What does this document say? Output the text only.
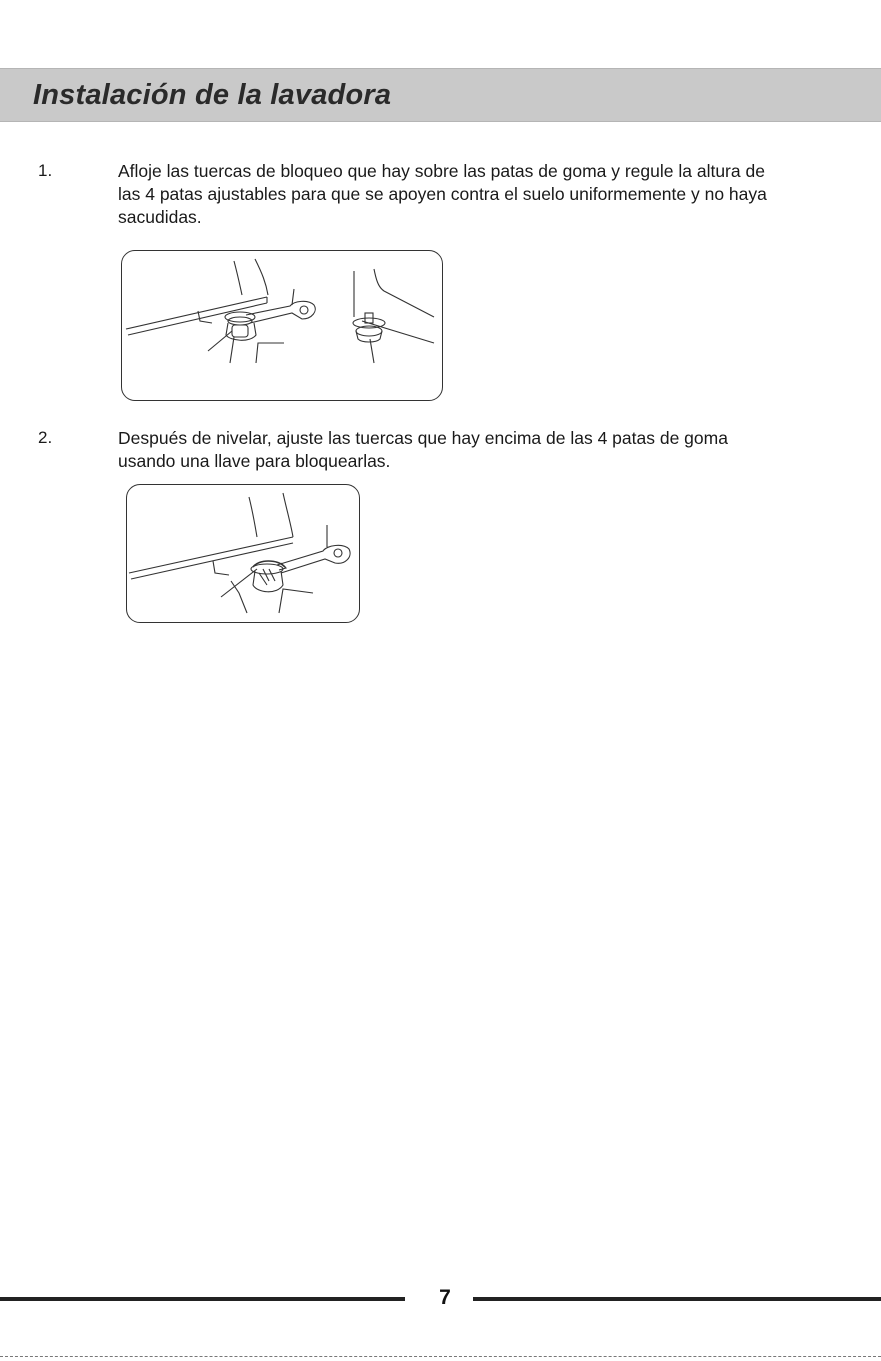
Instalación de la lavadora
1.	Afloje las tuercas de bloqueo que hay sobre las patas de goma y regule la altura de
las 4 patas ajustables para que se apoyen contra el suelo uniformemente y no haya
sacudidas.
2.	Después de nivelar, ajuste las tuercas que hay encima de las 4 patas de goma
usando una llave para bloquearlas.
7
